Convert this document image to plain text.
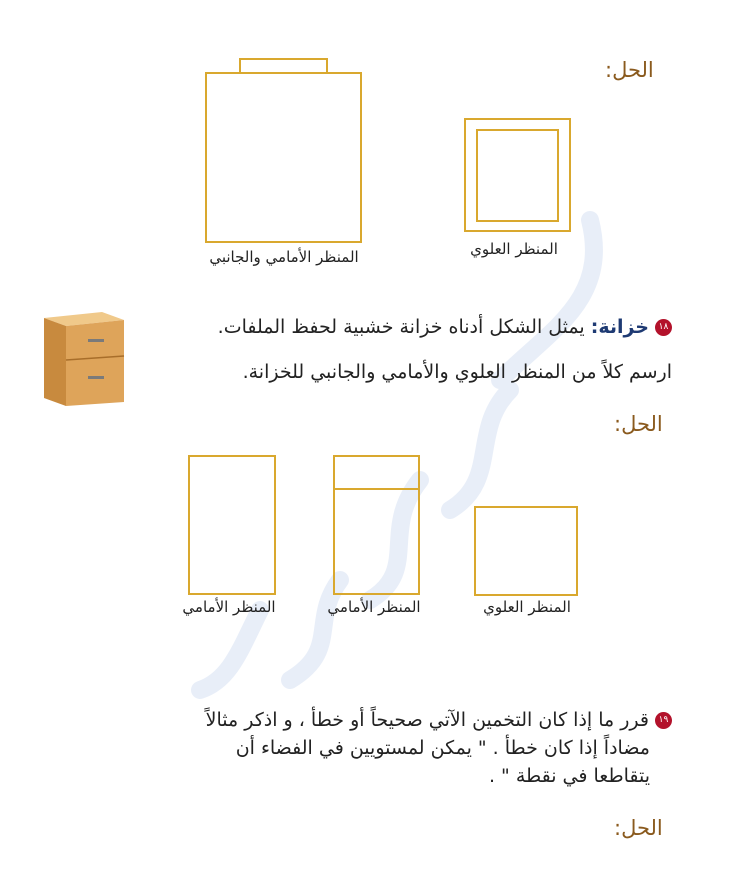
الحل:
المنظر الأمامي والجانبي	المنظر العلوي
١٨خزانة: يمثل الشكل أدناه خزانة خشبية لحفظ الملفات.
ارسم كلاً من المنظر العلوي والأمامي والجانبي للخزانة.
الحل:
المنظر الأمامي	المنظر الأمامي	المنظر العلوي
١٩قرر ما إذا كان التخمين الآتي صحيحاً أو خطأ ، و اذكر مثالاً
مضاداً إذا كان خطأ . " يمكن لمستويين في الفضاء أن
يتقاطعا في نقطة " .
الحل:
